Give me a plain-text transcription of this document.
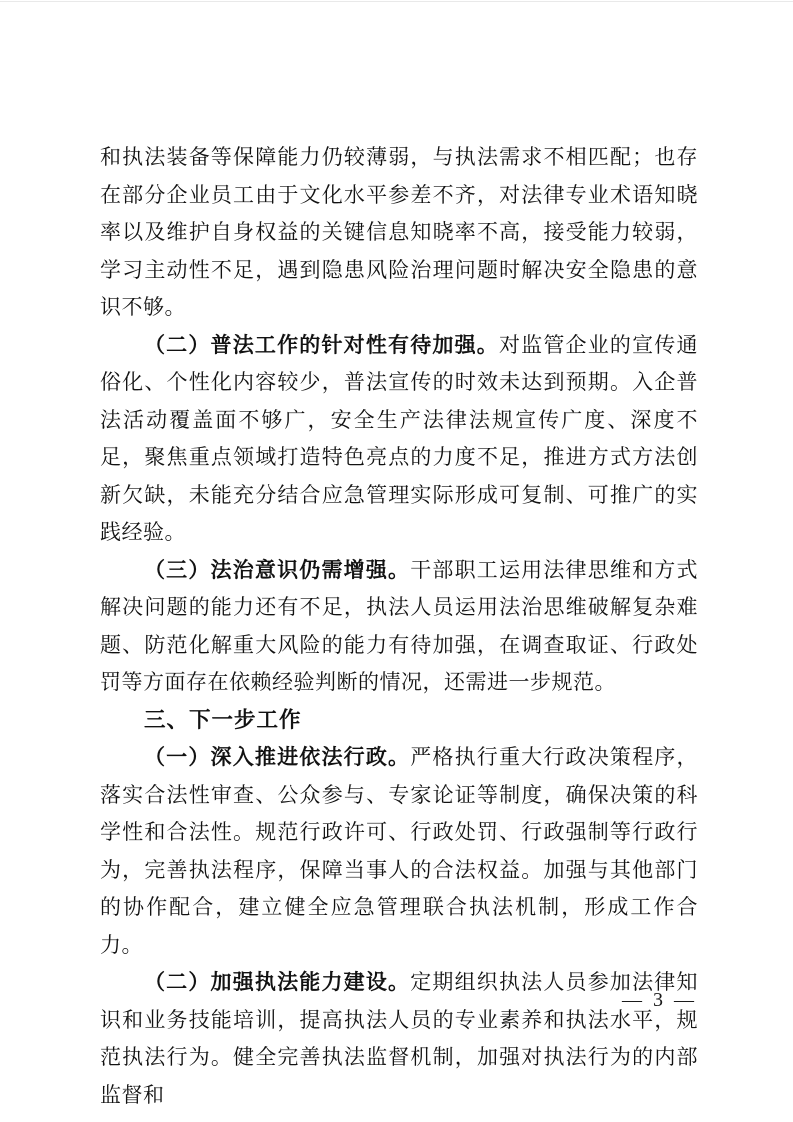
和执法装备等保障能力仍较薄弱，与执法需求不相匹配；也存在部分企业员工由于文化水平参差不齐，对法律专业术语知晓率以及维护自身权益的关键信息知晓率不高，接受能力较弱，学习主动性不足，遇到隐患风险治理问题时解决安全隐患的意识不够。

（二）普法工作的针对性有待加强。对监管企业的宣传通俗化、个性化内容较少，普法宣传的时效未达到预期。入企普法活动覆盖面不够广，安全生产法律法规宣传广度、深度不足，聚焦重点领域打造特色亮点的力度不足，推进方式方法创新欠缺，未能充分结合应急管理实际形成可复制、可推广的实践经验。

（三）法治意识仍需增强。干部职工运用法律思维和方式解决问题的能力还有不足，执法人员运用法治思维破解复杂难题、防范化解重大风险的能力有待加强，在调查取证、行政处罚等方面存在依赖经验判断的情况，还需进一步规范。

三、下一步工作

（一）深入推进依法行政。严格执行重大行政决策程序，落实合法性审查、公众参与、专家论证等制度，确保决策的科学性和合法性。规范行政许可、行政处罚、行政强制等行政行为，完善执法程序，保障当事人的合法权益。加强与其他部门的协作配合，建立健全应急管理联合执法机制，形成工作合力。

（二）加强执法能力建设。定期组织执法人员参加法律知识和业务技能培训，提高执法人员的专业素养和执法水平，规范执法行为。健全完善执法监督机制，加强对执法行为的内部监督和

— 3 —
